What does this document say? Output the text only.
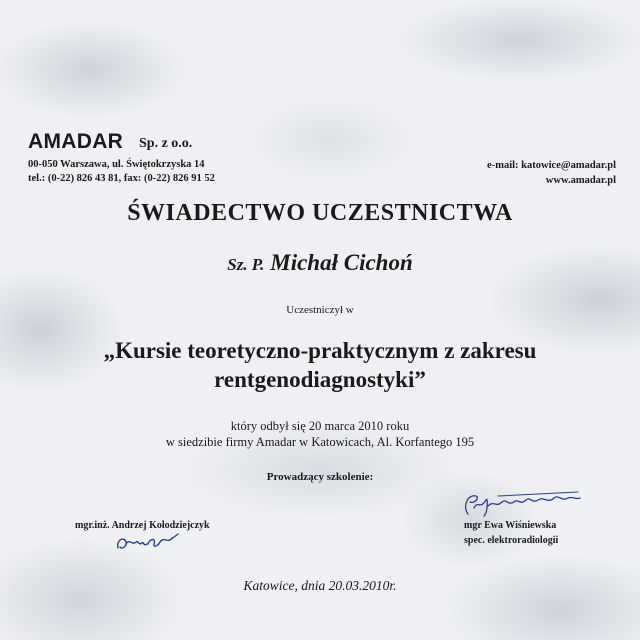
AMADAR Sp. z o.o.
00-050 Warszawa, ul. Świętokrzyska 14
tel.: (0-22) 826 43 81, fax: (0-22) 826 91 52
e-mail: katowice@amadar.pl
www.amadar.pl
ŚWIADECTWO UCZESTNICTWA
Sz. P. Michał Cichoń
Uczestniczył w
„Kursie teoretyczno-praktycznym z zakresu
rentgenodiagnostyki”
który odbył się 20 marca 2010 roku
w siedzibie firmy Amadar w Katowicach, Al. Korfantego 195
Prowadzący szkolenie:
mgr.inż. Andrzej Kołodziejczyk	mgr Ewa Wiśniewska
spec. elektroradiologii
Katowice, dnia 20.03.2010r.
